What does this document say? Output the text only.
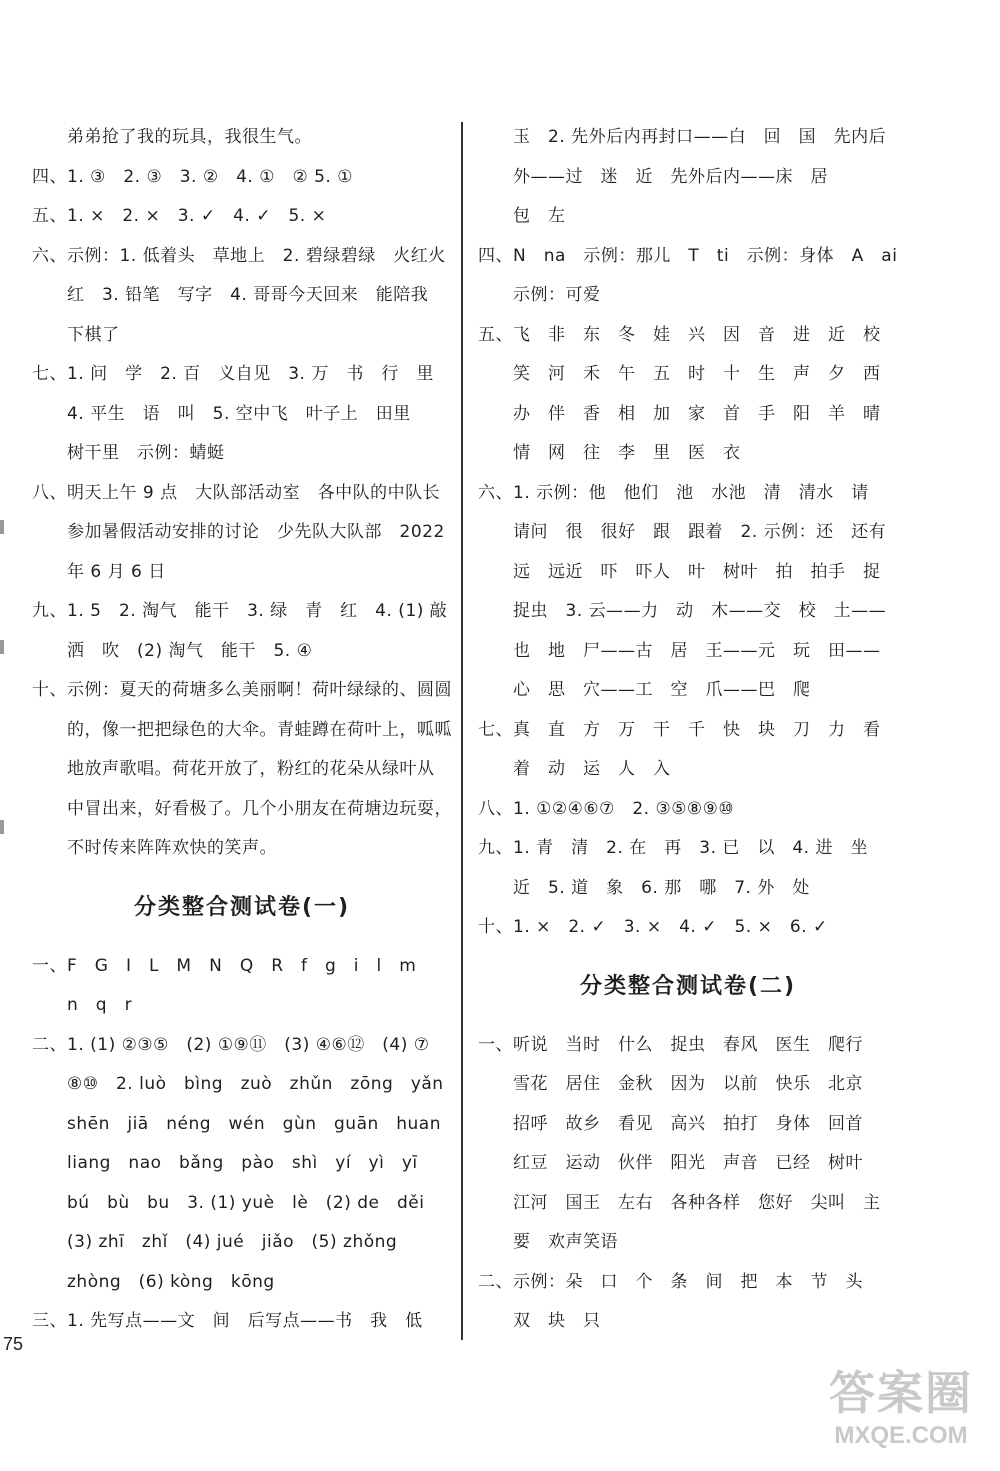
　　弟弟抢了我的玩具，我很生气。
四、1. ③　2. ③　3. ②　4. ①　② 5. ①
五、1. ×　2. ×　3. ✓　4. ✓　5. ×
六、示例：1. 低着头　草地上　2. 碧绿碧绿　火红火
　　红　3. 铅笔　写字　4. 哥哥今天回来　能陪我
　　下棋了
七、1. 问　学　2. 百　义自见　3. 万　书　行　里
　　4. 平生　语　叫　5. 空中飞　叶子上　田里
　　树干里　示例：蜻蜓
八、明天上午 9 点　大队部活动室　各中队的中队长
　　参加暑假活动安排的讨论　少先队大队部　2022
　　年 6 月 6 日
九、1. 5　2. 淘气　能干　3. 绿　青　红　4. (1) 敲
　　洒　吹　(2) 淘气　能干　5. ④
十、示例：夏天的荷塘多么美丽啊！荷叶绿绿的、圆圆
　　的，像一把把绿色的大伞。青蛙蹲在荷叶上，呱呱
　　地放声歌唱。荷花开放了，粉红的花朵从绿叶从
　　中冒出来，好看极了。几个小朋友在荷塘边玩耍，
　　不时传来阵阵欢快的笑声。
分类整合测试卷(一)
一、F　G　I　L　M　N　Q　R　f　g　i　l　m
　　n　q　r
二、1. (1) ②③⑤　(2) ①⑨⑪　(3) ④⑥⑫　(4) ⑦
　　⑧⑩　2. luò　bìng　zuò　zhǔn　zōng　yǎn
　　shēn　jiā　néng　wén　gùn　guān　huan
　　liang　nao　bǎng　pào　shì　yí　yì　yī
　　bú　bù　bu　3. (1) yuè　lè　(2) de　děi
　　(3) zhī　zhǐ　(4) jué　jiǎo　(5) zhǒng
　　zhòng　(6) kòng　kōng
三、1. 先写点——文　间　后写点——书　我　低
　　玉　2. 先外后内再封口——白　回　国　先内后
　　外——过　迷　近　先外后内——床　居
　　包　左
四、N　na　示例：那儿　T　ti　示例：身体　A　ai
　　示例：可爱
五、飞　非　东　冬　娃　兴　因　音　进　近　校
　　笑　河　禾　午　五　时　十　生　声　夕　西
　　办　伴　香　相　加　家　首　手　阳　羊　晴
　　情　网　往　李　里　医　衣
六、1. 示例：他　他们　池　水池　清　清水　请
　　请问　很　很好　跟　跟着　2. 示例：还　还有
　　远　远近　吓　吓人　叶　树叶　拍　拍手　捉
　　捉虫　3. 云——力　动　木——交　校　土——
　　也　地　尸——古　居　王——元　玩　田——
　　心　思　穴——工　空　爪——巴　爬
七、真　直　方　万　干　千　快　块　刀　力　看
　　着　动　运　人　入
八、1. ①②④⑥⑦　2. ③⑤⑧⑨⑩
九、1. 青　清　2. 在　再　3. 已　以　4. 进　坐
　　近　5. 道　象　6. 那　哪　7. 外　处
十、1. ×　2. ✓　3. ×　4. ✓　5. ×　6. ✓
分类整合测试卷(二)
一、听说　当时　什么　捉虫　春风　医生　爬行
　　雪花　居住　金秋　因为　以前　快乐　北京
　　招呼　故乡　看见　高兴　拍打　身体　回首
　　红豆　运动　伙伴　阳光　声音　已经　树叶
　　江河　国王　左右　各种各样　您好　尖叫　主
　　要　欢声笑语
二、示例：朵　口　个　条　间　把　本　节　头
　　双　块　只
75
答案圈
MXQE.COM
